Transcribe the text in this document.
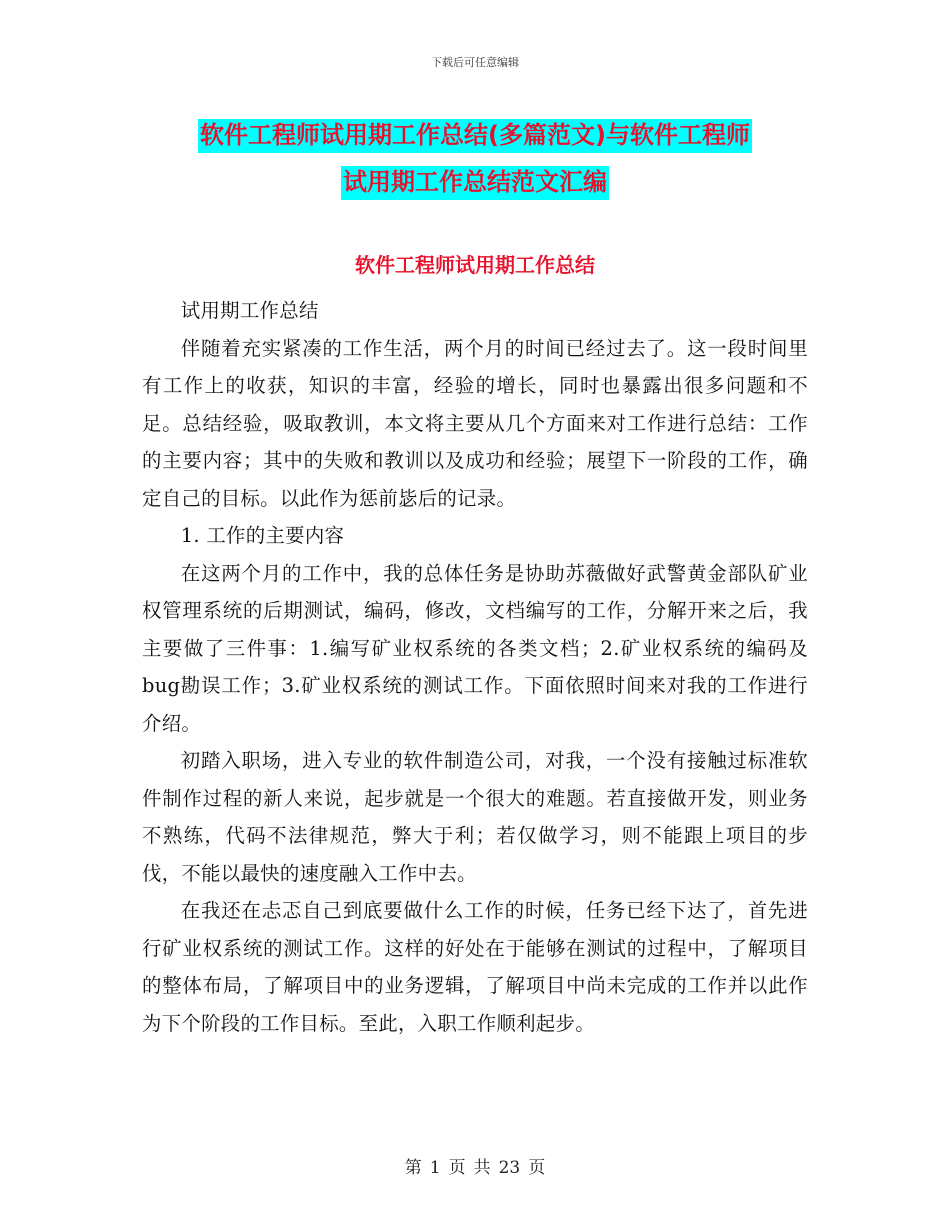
下载后可任意编辑
软件工程师试用期工作总结(多篇范文)与软件工程师
试用期工作总结范文汇编
软件工程师试用期工作总结

试用期工作总结

伴随着充实紧凑的工作生活，两个月的时间已经过去了。这一段时间里有工作上的收获，知识的丰富，经验的增长，同时也暴露出很多问题和不足。总结经验，吸取教训，本文将主要从几个方面来对工作进行总结：工作的主要内容；其中的失败和教训以及成功和经验；展望下一阶段的工作，确定自己的目标。以此作为惩前毖后的记录。

1. 工作的主要内容

在这两个月的工作中，我的总体任务是协助苏薇做好武警黄金部队矿业权管理系统的后期测试，编码，修改，文档编写的工作，分解开来之后，我主要做了三件事：1.编写矿业权系统的各类文档；2.矿业权系统的编码及bug勘误工作；3.矿业权系统的测试工作。下面依照时间来对我的工作进行介绍。

初踏入职场，进入专业的软件制造公司，对我，一个没有接触过标准软件制作过程的新人来说，起步就是一个很大的难题。若直接做开发，则业务不熟练，代码不法律规范，弊大于利；若仅做学习，则不能跟上项目的步伐，不能以最快的速度融入工作中去。

在我还在忐忑自己到底要做什么工作的时候，任务已经下达了，首先进行矿业权系统的测试工作。这样的好处在于能够在测试的过程中，了解项目的整体布局，了解项目中的业务逻辑，了解项目中尚未完成的工作并以此作为下个阶段的工作目标。至此，入职工作顺利起步。

第 1 页 共 23 页
